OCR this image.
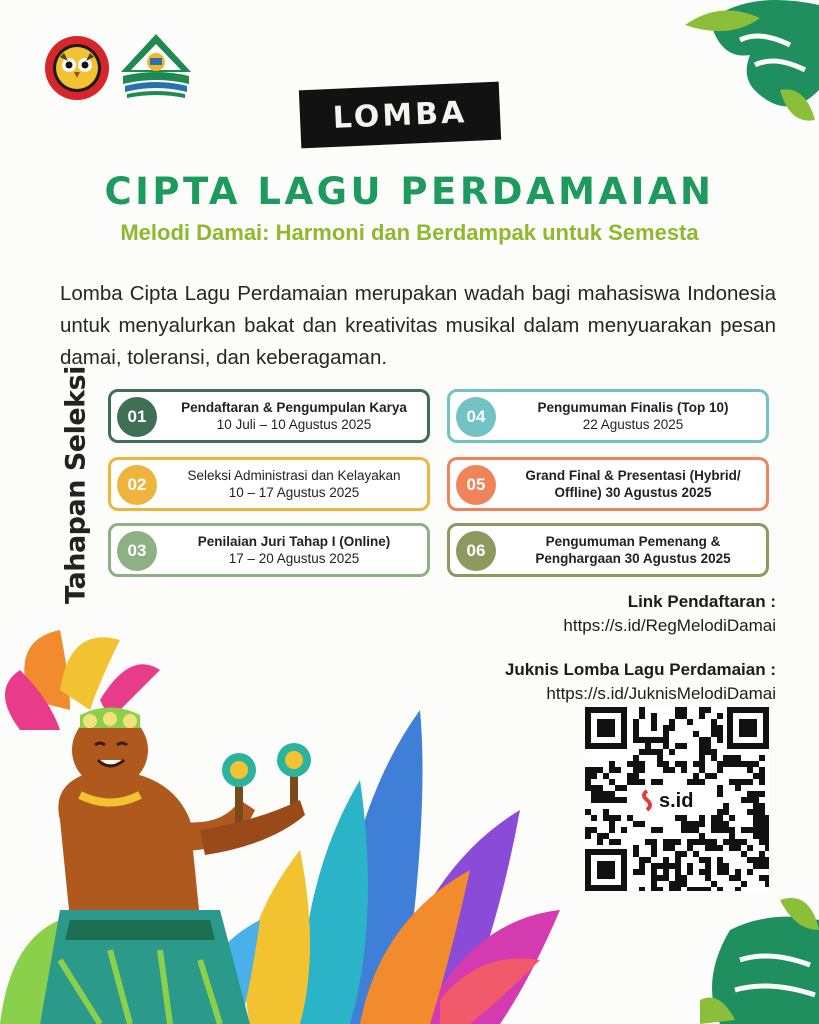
LOMBA
CIPTA LAGU PERDAMAIAN
Melodi Damai: Harmoni dan Berdampak untuk Semesta
Lomba Cipta Lagu Perdamaian merupakan wadah bagi mahasiswa Indonesia untuk menyalurkan bakat dan kreativitas musikal dalam menyuarakan pesan damai, toleransi, dan keberagaman.
Tahapan Seleksi	01	Pendaftaran & Pengumpulan Karya
10 Juli – 10 Agustus 2025
02	Seleksi Administrasi dan Kelayakan
10 – 17 Agustus 2025
03	Penilaian Juri Tahap I (Online)
17 – 20 Agustus 2025
04	Pengumuman Finalis (Top 10)
22 Agustus 2025
05	Grand Final & Presentasi (Hybrid/
Offline) 30 Agustus 2025
06	Pengumuman Pemenang &
Penghargaan 30 Agustus 2025
Link Pendaftaran :
https://s.id/RegMelodiDamai
Juknis Lomba Lagu Perdamaian :
https://s.id/JuknisMelodiDamai
s.id
